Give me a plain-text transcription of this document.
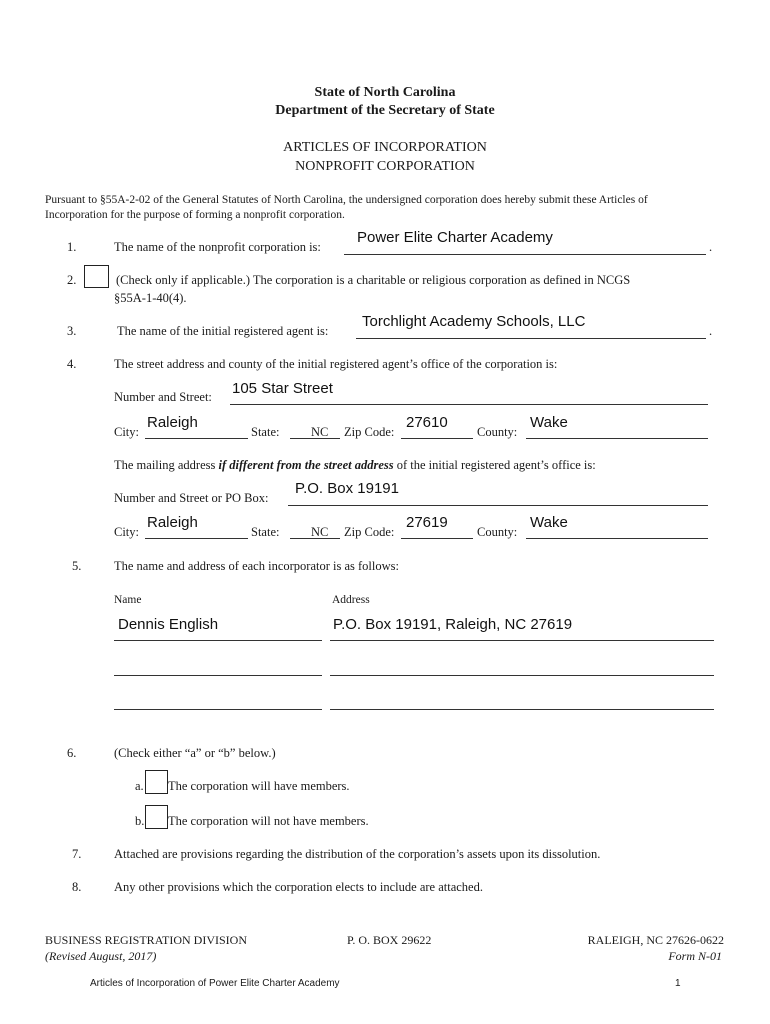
State of North Carolina
Department of the Secretary of State
ARTICLES OF INCORPORATION
NONPROFIT CORPORATION
Pursuant to §55A-2-02 of the General Statutes of North Carolina, the undersigned corporation does hereby submit these Articles of
Incorporation for the purpose of forming a nonprofit corporation.
1.	The name of the nonprofit corporation is:
Power Elite Charter Academy
.
2.	(Check only if applicable.) The corporation is a charitable or religious corporation as defined in NCGS
§55A-1-40(4).
3.	The name of the initial registered agent is:
Torchlight Academy Schools, LLC
.
4.	The street address and county of the initial registered agent’s office of the corporation is:
Number and Street: 105 Star Street
City:
Raleigh
State:	NC Zip Code:
27610
County:
Wake
The mailing address if different from the street address of the initial registered agent’s office is:
Number and Street or PO Box:
P.O. Box 19191
City:
Raleigh
State:	NC Zip Code:
27619
County:
Wake
5.	The name and address of each incorporator is as follows:
Name	Address
Dennis English	P.O. Box 19191, Raleigh, NC 27619
6.	(Check either “a” or “b” below.)
a. The corporation will have members.
b. The corporation will not have members.
7.	Attached are provisions regarding the distribution of the corporation’s assets upon its dissolution.
8.	Any other provisions which the corporation elects to include are attached.
BUSINESS REGISTRATION DIVISION
(Revised August, 2017)
P. O. BOX 29622	RALEIGH, NC 27626-0622
Form N-01
Articles of Incorporation of Power Elite Charter Academy	1
